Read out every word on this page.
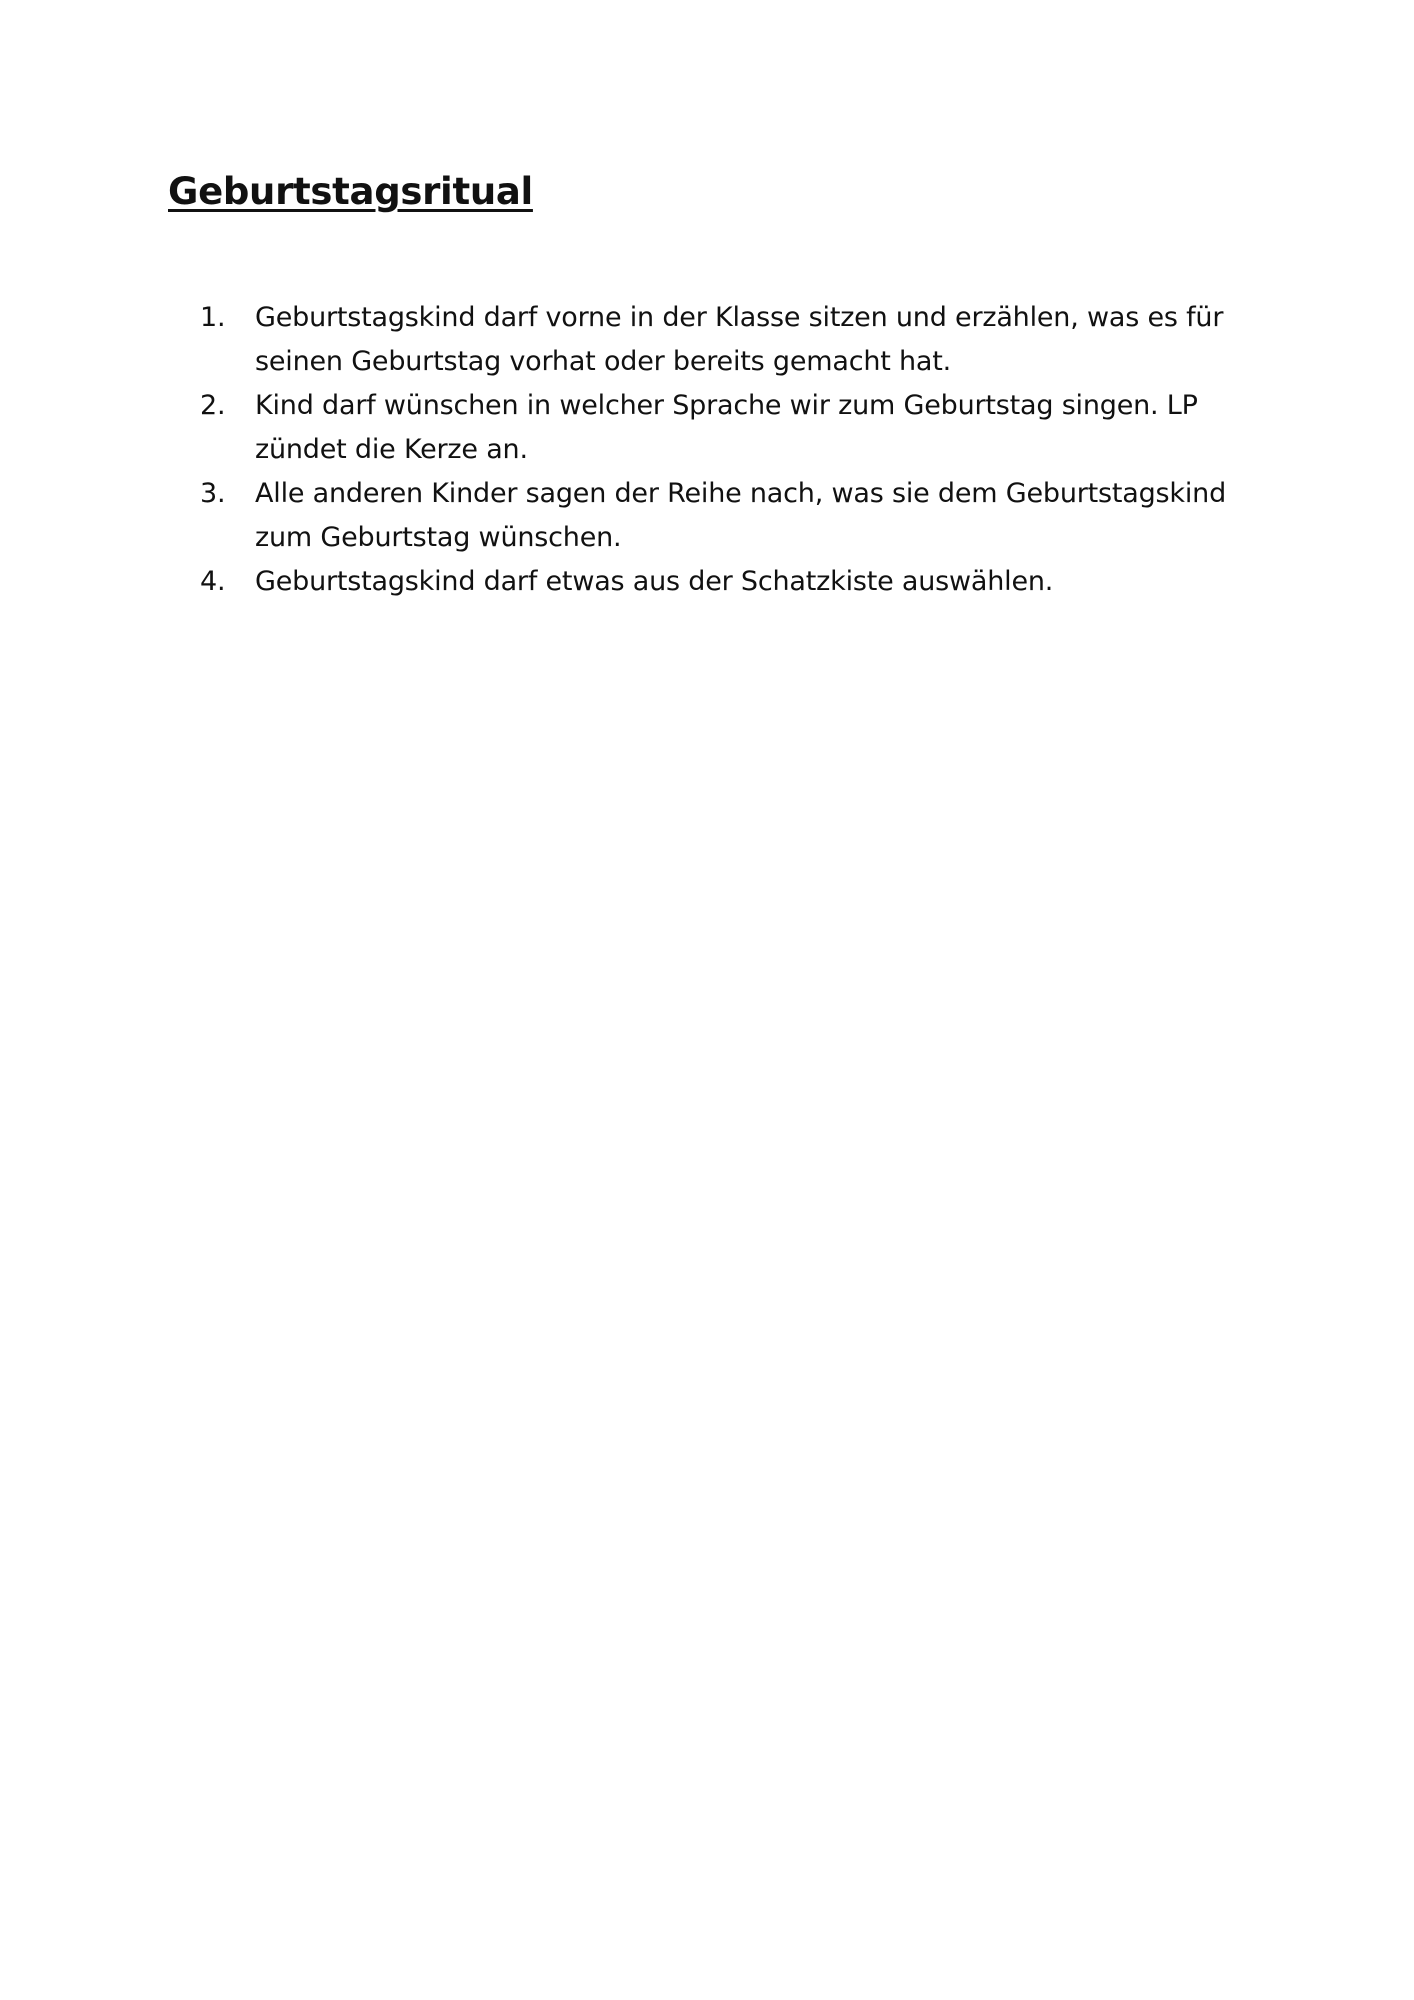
Geburtstagsritual
1.	Geburtstagskind darf vorne in der Klasse sitzen und erzählen, was es für seinen Geburtstag vorhat oder bereits gemacht hat.
2.	Kind darf wünschen in welcher Sprache wir zum Geburtstag singen. LP zündet die Kerze an.
3.	Alle anderen Kinder sagen der Reihe nach, was sie dem Geburtstagskind zum Geburtstag wünschen.
4.	Geburtstagskind darf etwas aus der Schatzkiste auswählen.
